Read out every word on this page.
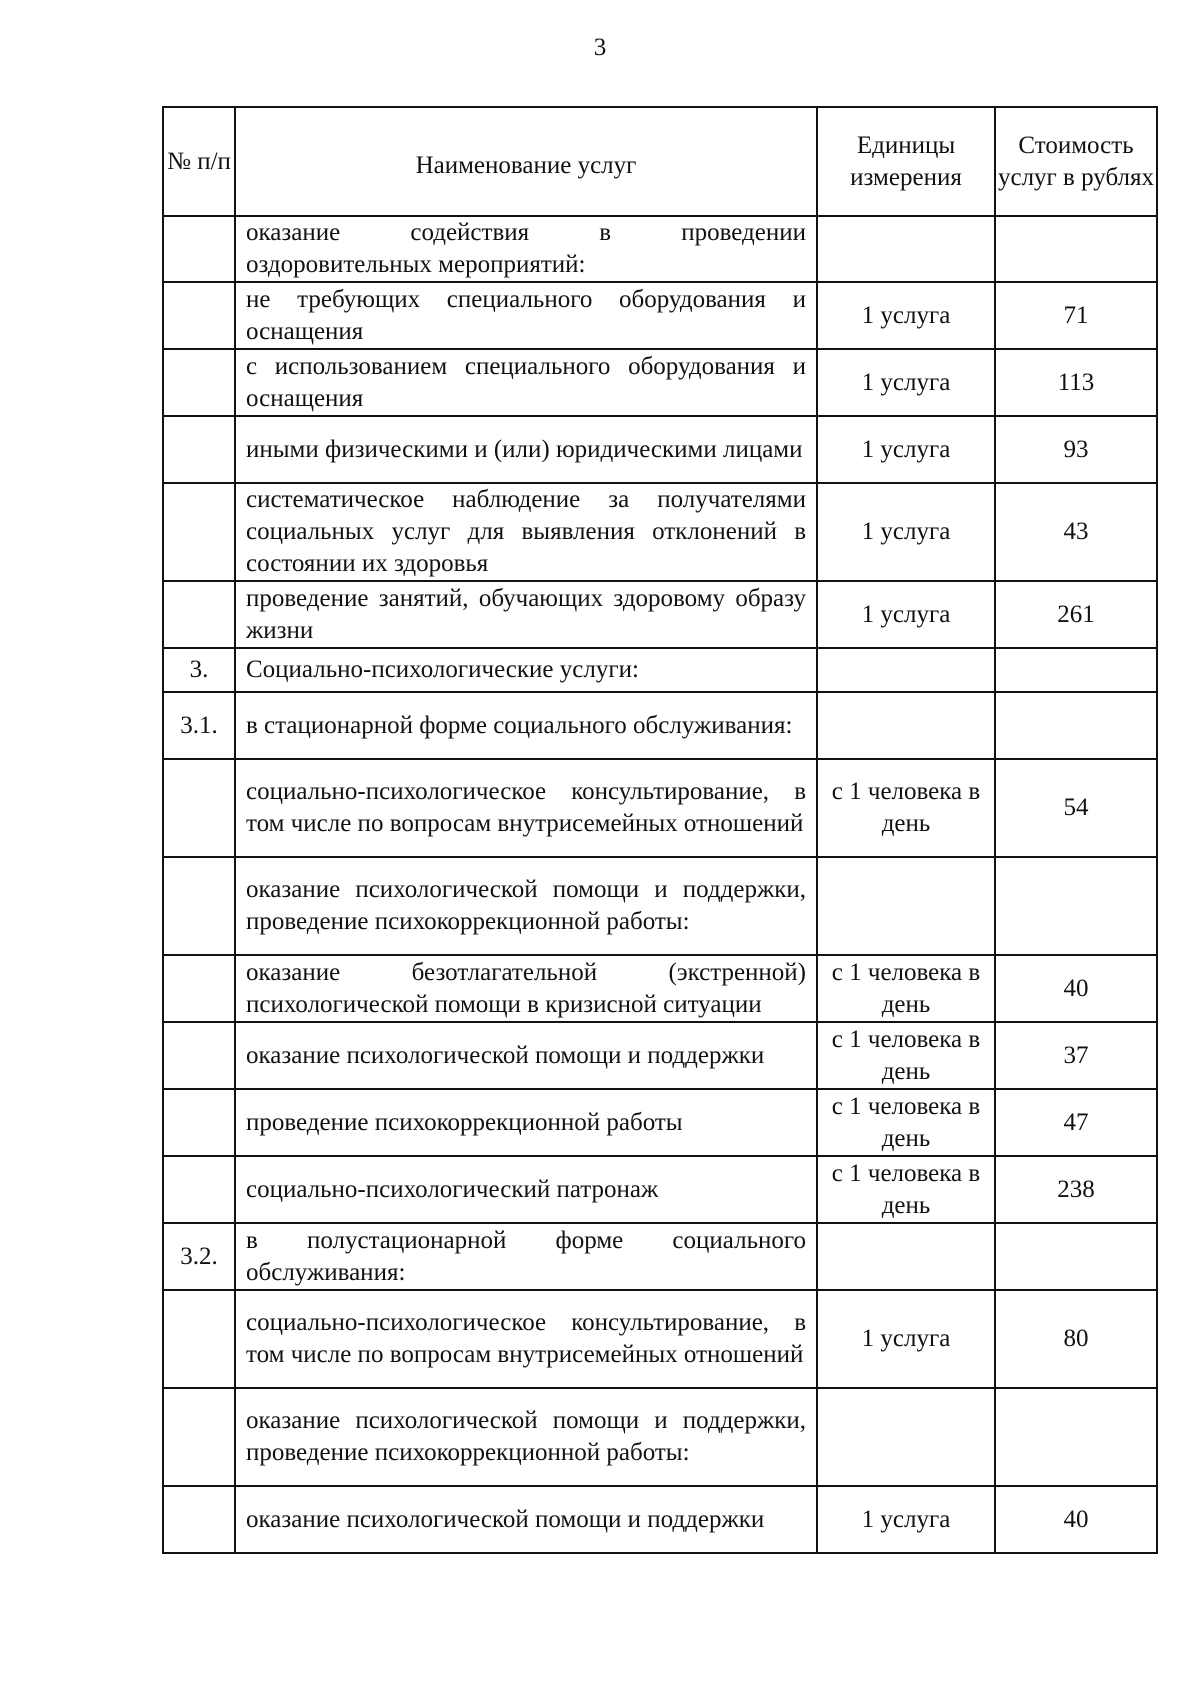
3
№ п/п	Наименование услуг	Единицы измерения	Стоимость услуг в рублях
	оказание содействия в проведении оздоровительных мероприятий:		
	не требующих специального оборудования и оснащения	1 услуга	71
	с использованием специального оборудования и оснащения	1 услуга	113
	иными физическими и (или) юридическими лицами	1 услуга	93
	систематическое наблюдение за получателями социальных услуг для выявления отклонений в состоянии их здоровья	1 услуга	43
	проведение занятий, обучающих здоровому образу жизни	1 услуга	261
3.	Социально-психологические услуги:		
3.1.	в стационарной форме социального обслуживания:		
	социально-психологическое консультирование, в том числе по вопросам внутрисемейных отношений	с 1 человека в день	54
	оказание психологической помощи и поддержки, проведение психокоррекционной работы:		
	оказание безотлагательной (экстренной) психологической помощи в кризисной ситуации	с 1 человека в день	40
	оказание психологической помощи и поддержки	с 1 человека в день	37
	проведение психокоррекционной работы	с 1 человека в день	47
	социально-психологический патронаж	с 1 человека в день	238
3.2.	в полустационарной форме социального обслуживания:		
	социально-психологическое консультирование, в том числе по вопросам внутрисемейных отношений	1 услуга	80
	оказание психологической помощи и поддержки, проведение психокоррекционной работы:		
	оказание психологической помощи и поддержки	1 услуга	40
